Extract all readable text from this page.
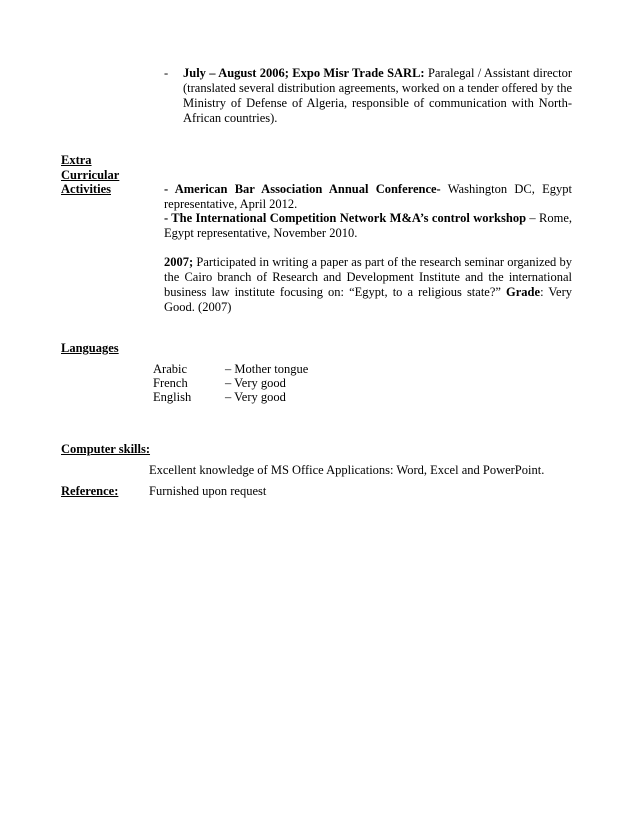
- July – August 2006; Expo Misr Trade SARL: Paralegal / Assistant director (translated several distribution agreements, worked on a tender offered by the Ministry of Defense of Algeria, responsible of communication with North-African countries).
Extra
Curricular
Activities	- American Bar Association Annual Conference- Washington DC, Egypt representative, April 2012.
- The International Competition Network M&A’s control workshop – Rome, Egypt representative, November 2010.
2007; Participated in writing a paper as part of the research seminar organized by the Cairo branch of Research and Development Institute and the international business law institute focusing on: “Egypt, to a religious state?” Grade: Very Good. (2007)
Languages
Arabic	– Mother tongue
French	– Very good
English	– Very good
Computer skills:
Excellent knowledge of MS Office Applications: Word, Excel and PowerPoint.
Reference: Furnished upon request
